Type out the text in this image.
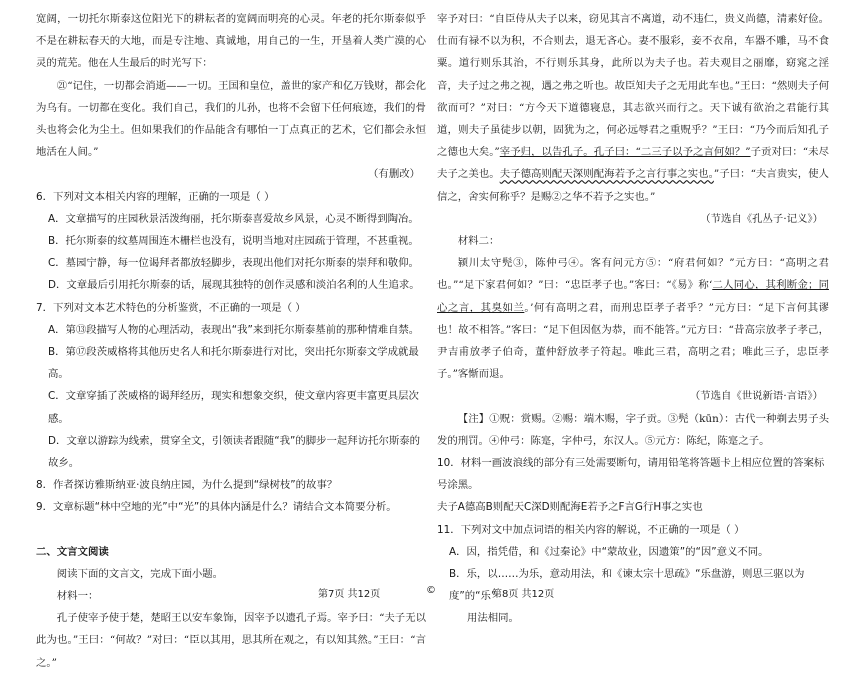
宽阔，一切托尔斯泰这位阳光下的耕耘者的宽阔而明亮的心灵。年老的托尔斯泰似乎不是在耕耘春天的大地，而是专注地、真诚地，用自己的一生，开垦着人类广漠的心灵的荒芜。他在人生最后的时光写下：

㉑“记住，一切都会消逝——一切。王国和皇位，盖世的家产和亿万钱财，都会化为乌有。一切都在变化。我们自己，我们的儿孙，也将不会留下任何痕迹，我们的骨头也将会化为尘土。但如果我们的作品能含有哪怕一丁点真正的艺术，它们都会永恒地活在人间。”

（有删改）

6．下列对文本相关内容的理解，正确的一项是（ ）

A．文章描写的庄园秋景活泼绚丽，托尔斯泰喜爱故乡风景，心灵不断得到陶冶。

B．托尔斯泰的纹墓周围连木栅栏也没有，说明当地对庄园疏于管理，不甚重视。

C．墓园宁静，每一位谒拜者都放轻脚步，表现出他们对托尔斯泰的崇拜和敬仰。

D．文章最后引用托尔斯泰的话，展现其独特的创作灵感和淡泊名利的人生追求。

7．下列对文本艺术特色的分析鉴赏，不正确的一项是（ ）

A．第⑬段描写人物的心理活动，表现出“我”来到托尔斯泰墓前的那种情难自禁。

B．第⑰段茨威格将其他历史名人和托尔斯泰进行对比，突出托尔斯泰文学成就最高。

C．文章穿插了茨威格的谒拜经历，现实和想象交织，使文章内容更丰富更具层次感。

D．文章以游踪为线索，贯穿全文，引领读者跟随“我”的脚步一起拜访托尔斯泰的故乡。

8．作者探访雅斯纳亚·波良纳庄园，为什么提到“绿树枝”的故事？

9．文章标题“林中空地的光”中“光”的具体内涵是什么？请结合文本简要分析。

二、文言文阅读

阅读下面的文言文，完成下面小题。

材料一：

孔子使宰予使于楚，楚昭王以安车象饰，因宰予以遗孔子焉。宰予曰：“夫子无以此为也。”王曰：“何故？”对曰：“臣以其用，思其所在观之，有以知其然。”王曰：“言之。”

宰予对曰：“自臣侍从夫子以来，窃见其言不离道，动不违仁，贵义尚德，清素好俭。仕而有禄不以为积，不合则去，退无吝心。妻不服彩，妾不衣帛，车器不雕，马不食粟。道行则乐其治，不行则乐其身，此所以为夫子也。若夫观目之丽靡，窈窕之淫音，夫子过之弗之视，遇之弗之听也。故臣知夫子之无用此车也。”王曰：“然则夫子何欲而可？”对曰：“方今天下道德寝息，其志欲兴而行之。天下诚有欲治之君能行其道，则夫子虽徒步以朝，固犹为之，何必远辱君之重贶乎？”王曰：“乃今而后知孔子之德也大矣。”宰予归，以告孔子。孔子曰：“二三子以予之言何如？”子贡对曰：“未尽夫子之美也。夫子德高则配天深则配海若予之言行事之实也。”子曰：“夫言贵实，使人信之，舍实何称乎？是赐②之华不若予之实也。”

（节选自《孔丛子·记义》）

材料二：

颍川太守髡③，陈仲弓④。客有问元方⑤：“府君何如？”元方曰：“高明之君也。”“足下家君何如？”曰：“忠臣孝子也。”客曰：“《易》称‘二人同心，其利断金；同心之言，其臭如兰。’何有高明之君，而刑忠臣孝子者乎？”元方曰：“足下言何其谬也！故不相答。”客曰：“足下但因伛为恭，而不能答。”元方曰：“昔高宗放孝子孝己，尹吉甫放孝子伯奇，董仲舒放孝子符起。唯此三君，高明之君；唯此三子，忠臣孝子。”客惭而退。

（节选自《世说新语·言语》）

【注】①贶：赏赐。②赐：端木赐，字子贡。③髡（kūn）：古代一种剃去男子头发的刑罚。④仲弓：陈寔，字仲弓，东汉人。⑤元方：陈纪，陈寔之子。

10．材料一画波浪线的部分有三处需要断句，请用铅笔将答题卡上相应位置的答案标号涂黑。

夫子A德高B则配天C深D则配海E若予之F言G行H事之实也

11．下列对文中加点词语的相关内容的解说，不正确的一项是（ ）

A．因，指凭借，和《过秦论》中“蒙故业，因遗策”的“因”意义不同。

B．乐，以……为乐，意动用法，和《谏太宗十思疏》“乐盘游，则思三驱以为度”的“乐”

用法相同。

第7页 共12页	©	第8页 共12页
